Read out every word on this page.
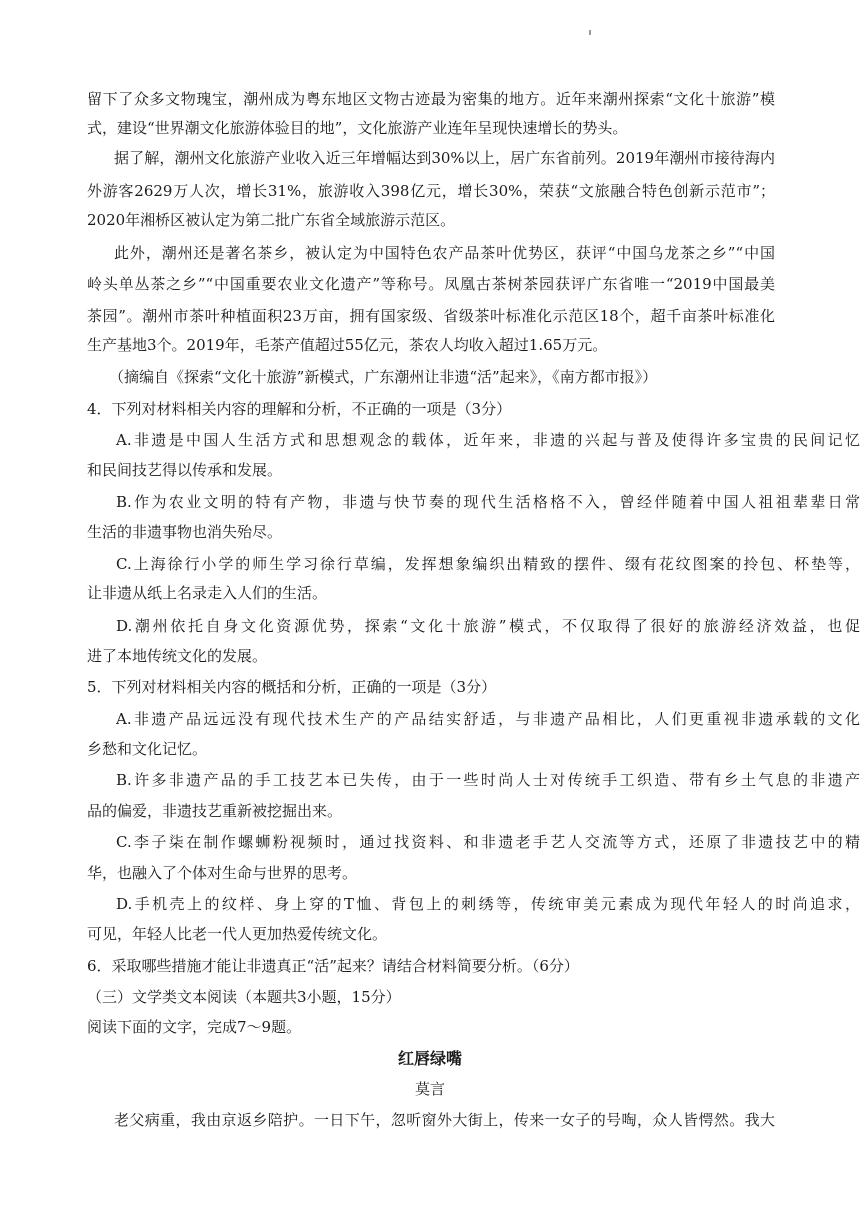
留下了众多文物瑰宝，潮州成为粤东地区文物古迹最为密集的地方。近年来潮州探索“文化十旅游”模
式，建设“世界潮文化旅游体验目的地”，文化旅游产业连年呈现快速增长的势头。
据了解，潮州文化旅游产业收入近三年增幅达到30%以上，居广东省前列。2019年潮州市接待海内
外游客2629万人次，增长31%，旅游收入398亿元，增长30%，荣获“文旅融合特色创新示范市”；
2020年湘桥区被认定为第二批广东省全域旅游示范区。
此外，潮州还是著名茶乡，被认定为中国特色农产品茶叶优势区，获评“中国乌龙茶之乡”“中国
岭头单丛茶之乡”“中国重要农业文化遗产”等称号。凤凰古茶树茶园获评广东省唯一“2019中国最美
茶园”。潮州市茶叶种植面积23万亩，拥有国家级、省级茶叶标准化示范区18个，超千亩茶叶标准化
生产基地3个。2019年，毛茶产值超过55亿元，茶农人均收入超过1.65万元。
（摘编自《探索“文化十旅游”新模式，广东潮州让非遗“活”起来》，《南方都市报》）
4．下列对材料相关内容的理解和分析，不正确的一项是（3分）
A.非遗是中国人生活方式和思想观念的载体，近年来，非遗的兴起与普及使得许多宝贵的民间记忆
和民间技艺得以传承和发展。
B.作为农业文明的特有产物，非遗与快节奏的现代生活格格不入，曾经伴随着中国人祖祖辈辈日常
生活的非遗事物也消失殆尽。
C.上海徐行小学的师生学习徐行草编，发挥想象编织出精致的摆件、缀有花纹图案的拎包、杯垫等，
让非遗从纸上名录走入人们的生活。
D.潮州依托自身文化资源优势，探索“文化十旅游”模式，不仅取得了很好的旅游经济效益，也促
进了本地传统文化的发展。
5．下列对材料相关内容的概括和分析，正确的一项是（3分）
A.非遗产品远远没有现代技术生产的产品结实舒适，与非遗产品相比，人们更重视非遗承载的文化
乡愁和文化记忆。
B.许多非遗产品的手工技艺本已失传，由于一些时尚人士对传统手工织造、带有乡土气息的非遗产
品的偏爱，非遗技艺重新被挖掘出来。
C.李子柒在制作螺蛳粉视频时，通过找资料、和非遗老手艺人交流等方式，还原了非遗技艺中的精
华，也融入了个体对生命与世界的思考。
D.手机壳上的纹样、身上穿的T恤、背包上的刺绣等，传统审美元素成为现代年轻人的时尚追求，
可见，年轻人比老一代人更加热爱传统文化。
6．采取哪些措施才能让非遗真正“活”起来？请结合材料简要分析。（6分）
（三）文学类文本阅读（本题共3小题，15分）
阅读下面的文字，完成7～9题。
红唇绿嘴
莫言
老父病重，我由京返乡陪护。一日下午，忽听窗外大街上，传来一女子的号啕，众人皆愕然。我大
